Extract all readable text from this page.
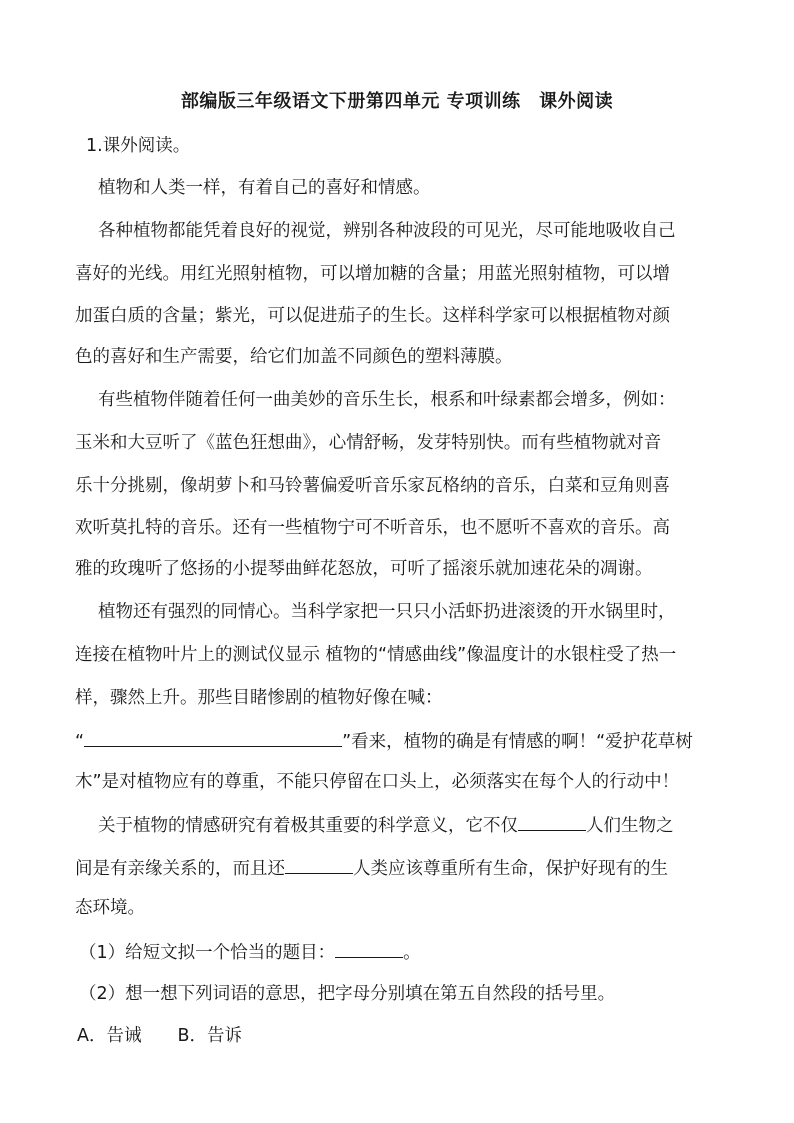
部编版三年级语文下册第四单元 专项训练　课外阅读
1.课外阅读。
植物和人类一样，有着自己的喜好和情感。
各种植物都能凭着良好的视觉，辨别各种波段的可见光，尽可能地吸收自己
喜好的光线。用红光照射植物，可以增加糖的含量；用蓝光照射植物，可以增
加蛋白质的含量；紫光，可以促进茄子的生长。这样科学家可以根据植物对颜
色的喜好和生产需要，给它们加盖不同颜色的塑料薄膜。
有些植物伴随着任何一曲美妙的音乐生长，根系和叶绿素都会增多，例如：
玉米和大豆听了《蓝色狂想曲》，心情舒畅，发芽特别快。而有些植物就对音
乐十分挑剔，像胡萝卜和马铃薯偏爱听音乐家瓦格纳的音乐，白菜和豆角则喜
欢听莫扎特的音乐。还有一些植物宁可不听音乐，也不愿听不喜欢的音乐。高
雅的玫瑰听了悠扬的小提琴曲鲜花怒放，可听了摇滚乐就加速花朵的凋谢。
植物还有强烈的同情心。当科学家把一只只小活虾扔进滚烫的开水锅里时，
连接在植物叶片上的测试仪显示 植物的“情感曲线”像温度计的水银柱受了热一
样，骤然上升。那些目睹惨剧的植物好像在喊：
“	”看来，植物的确是有情感的啊！“爱护花草树
木”是对植物应有的尊重，不能只停留在口头上，必须落实在每个人的行动中！
关于植物的情感研究有着极其重要的科学意义，它不仅	人们生物之
间是有亲缘关系的，而且还	人类应该尊重所有生命，保护好现有的生
态环境。
（1）给短文拟一个恰当的题目：	。
（2）想一想下列词语的意思，把字母分别填在第五自然段的括号里。
A．告诫 B．告诉
